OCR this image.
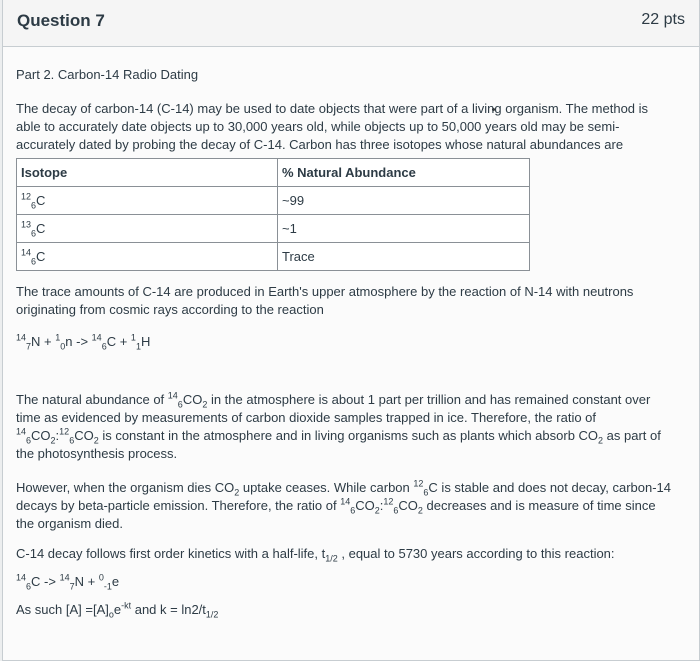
Question 7	22 pts

Part 2. Carbon-14 Radio Dating

The decay of carbon-14 (C-14) may be used to date objects that were part of a living organism. The method is able to accurately date objects up to 30,000 years old, while objects up to 50,000 years old may be semi-accurately dated by probing the decay of C-14. Carbon has three isotopes whose natural abundances are

Isotope	% Natural Abundance
$^{12}_6$C	~99
$^{13}_6$C	~1
$^{14}_6$C	Trace

The trace amounts of C-14 are produced in Earth's upper atmosphere by the reaction of N-14 with neutrons originating from cosmic rays according to the reaction

$^{14}_7$N + $^1_0$n -> $^{14}_6$C + $^1_1$H

The natural abundance of $^{14}_6CO_2$ in the atmosphere is about 1 part per trillion and has remained constant over time as evidenced by measurements of carbon dioxide samples trapped in ice. Therefore, the ratio of $^{14}_6CO_2:^{12}_6CO_2$ is constant in the atmosphere and in living organisms such as plants which absorb $CO_2$ as part of the photosynthesis process.

However, when the organism dies $CO_2$ uptake ceases. While carbon $^{12}_6$C is stable and does not decay, carbon-14 decays by beta-particle emission. Therefore, the ratio of $^{14}_6CO_2:^{12}_6CO_2$ decreases and is measure of time since the organism died.

C-14 decay follows first order kinetics with a half-life, $t_{1/2}$ , equal to 5730 years according to this reaction:

$^{14}_6$C -> $^{14}_7$N + $^0_{-1}$e

As such $[A] =[A]_oe^{-kt}$ and $k = \ln 2/t_{1/2}$
